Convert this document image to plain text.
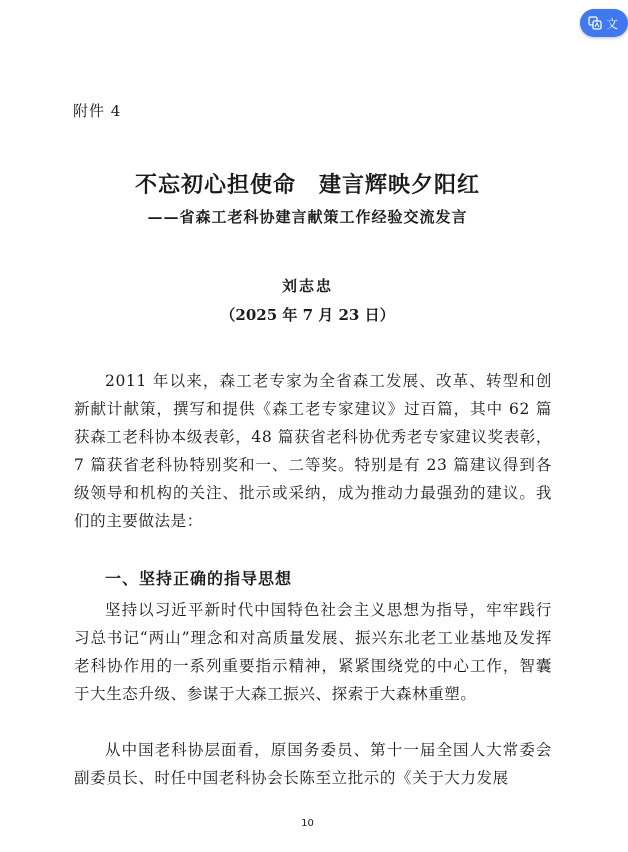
文
附件 4
不忘初心担使命　建言辉映夕阳红
——省森工老科协建言献策工作经验交流发言
刘志忠
（2025 年 7 月 23 日）
2011 年以来，森工老专家为全省森工发展、改革、转型和创新献计献策，撰写和提供《森工老专家建议》过百篇，其中 62 篇获森工老科协本级表彰，48 篇获省老科协优秀老专家建议奖表彰，7 篇获省老科协特别奖和一、二等奖。特别是有 23 篇建议得到各级领导和机构的关注、批示或采纳，成为推动力最强劲的建议。我们的主要做法是：
一、坚持正确的指导思想
坚持以习近平新时代中国特色社会主义思想为指导，牢牢践行习总书记“两山”理念和对高质量发展、振兴东北老工业基地及发挥老科协作用的一系列重要指示精神，紧紧围绕党的中心工作，智囊于大生态升级、参谋于大森工振兴、探索于大森林重塑。
从中国老科协层面看，原国务委员、第十一届全国人大常委会副委员长、时任中国老科协会长陈至立批示的《关于大力发展
10
